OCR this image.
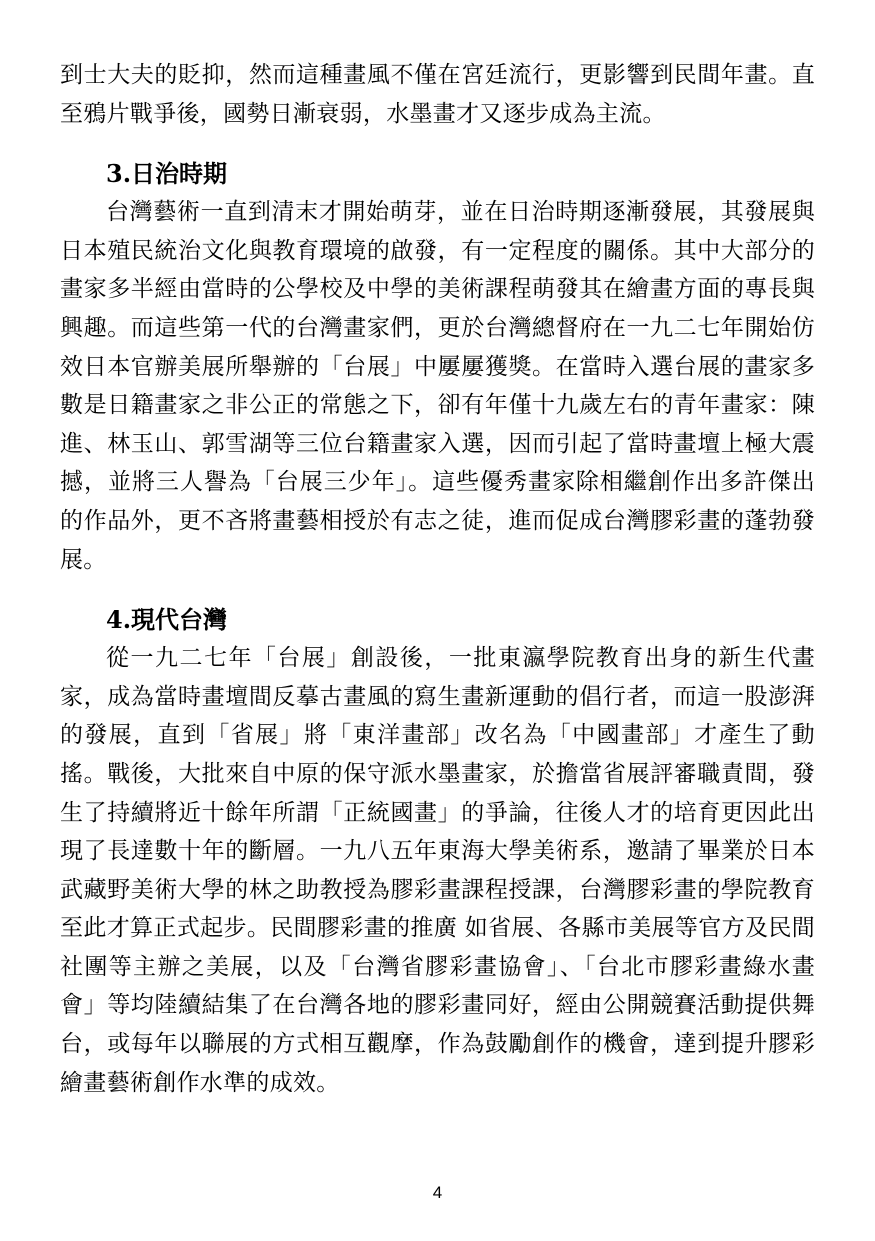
到士大夫的貶抑，然而這種畫風不僅在宮廷流行，更影響到民間年畫。直至鴉片戰爭後，國勢日漸衰弱，水墨畫才又逐步成為主流。

3.日治時期

台灣藝術一直到清末才開始萌芽，並在日治時期逐漸發展，其發展與日本殖民統治文化與教育環境的啟發，有一定程度的關係。其中大部分的畫家多半經由當時的公學校及中學的美術課程萌發其在繪畫方面的專長與興趣。而這些第一代的台灣畫家們，更於台灣總督府在一九二七年開始仿效日本官辦美展所舉辦的「台展」中屢屢獲獎。在當時入選台展的畫家多數是日籍畫家之非公正的常態之下，卻有年僅十九歲左右的青年畫家：陳進、林玉山、郭雪湖等三位台籍畫家入選，因而引起了當時畫壇上極大震撼，並將三人譽為「台展三少年」。這些優秀畫家除相繼創作出多許傑出的作品外，更不吝將畫藝相授於有志之徒，進而促成台灣膠彩畫的蓬勃發展。

4.現代台灣

從一九二七年「台展」創設後，一批東瀛學院教育出身的新生代畫家，成為當時畫壇間反摹古畫風的寫生畫新運動的倡行者，而這一股澎湃的發展，直到「省展」將「東洋畫部」改名為「中國畫部」才產生了動搖。戰後，大批來自中原的保守派水墨畫家，於擔當省展評審職責間，發生了持續將近十餘年所謂「正統國畫」的爭論，往後人才的培育更因此出現了長達數十年的斷層。一九八五年東海大學美術系，邀請了畢業於日本武藏野美術大學的林之助教授為膠彩畫課程授課，台灣膠彩畫的學院教育至此才算正式起步。民間膠彩畫的推廣 如省展、各縣市美展等官方及民間社團等主辦之美展，以及「台灣省膠彩畫協會」、「台北市膠彩畫綠水畫會」等均陸續結集了在台灣各地的膠彩畫同好，經由公開競賽活動提供舞台，或每年以聯展的方式相互觀摩，作為鼓勵創作的機會，達到提升膠彩繪畫藝術創作水準的成效。

4
